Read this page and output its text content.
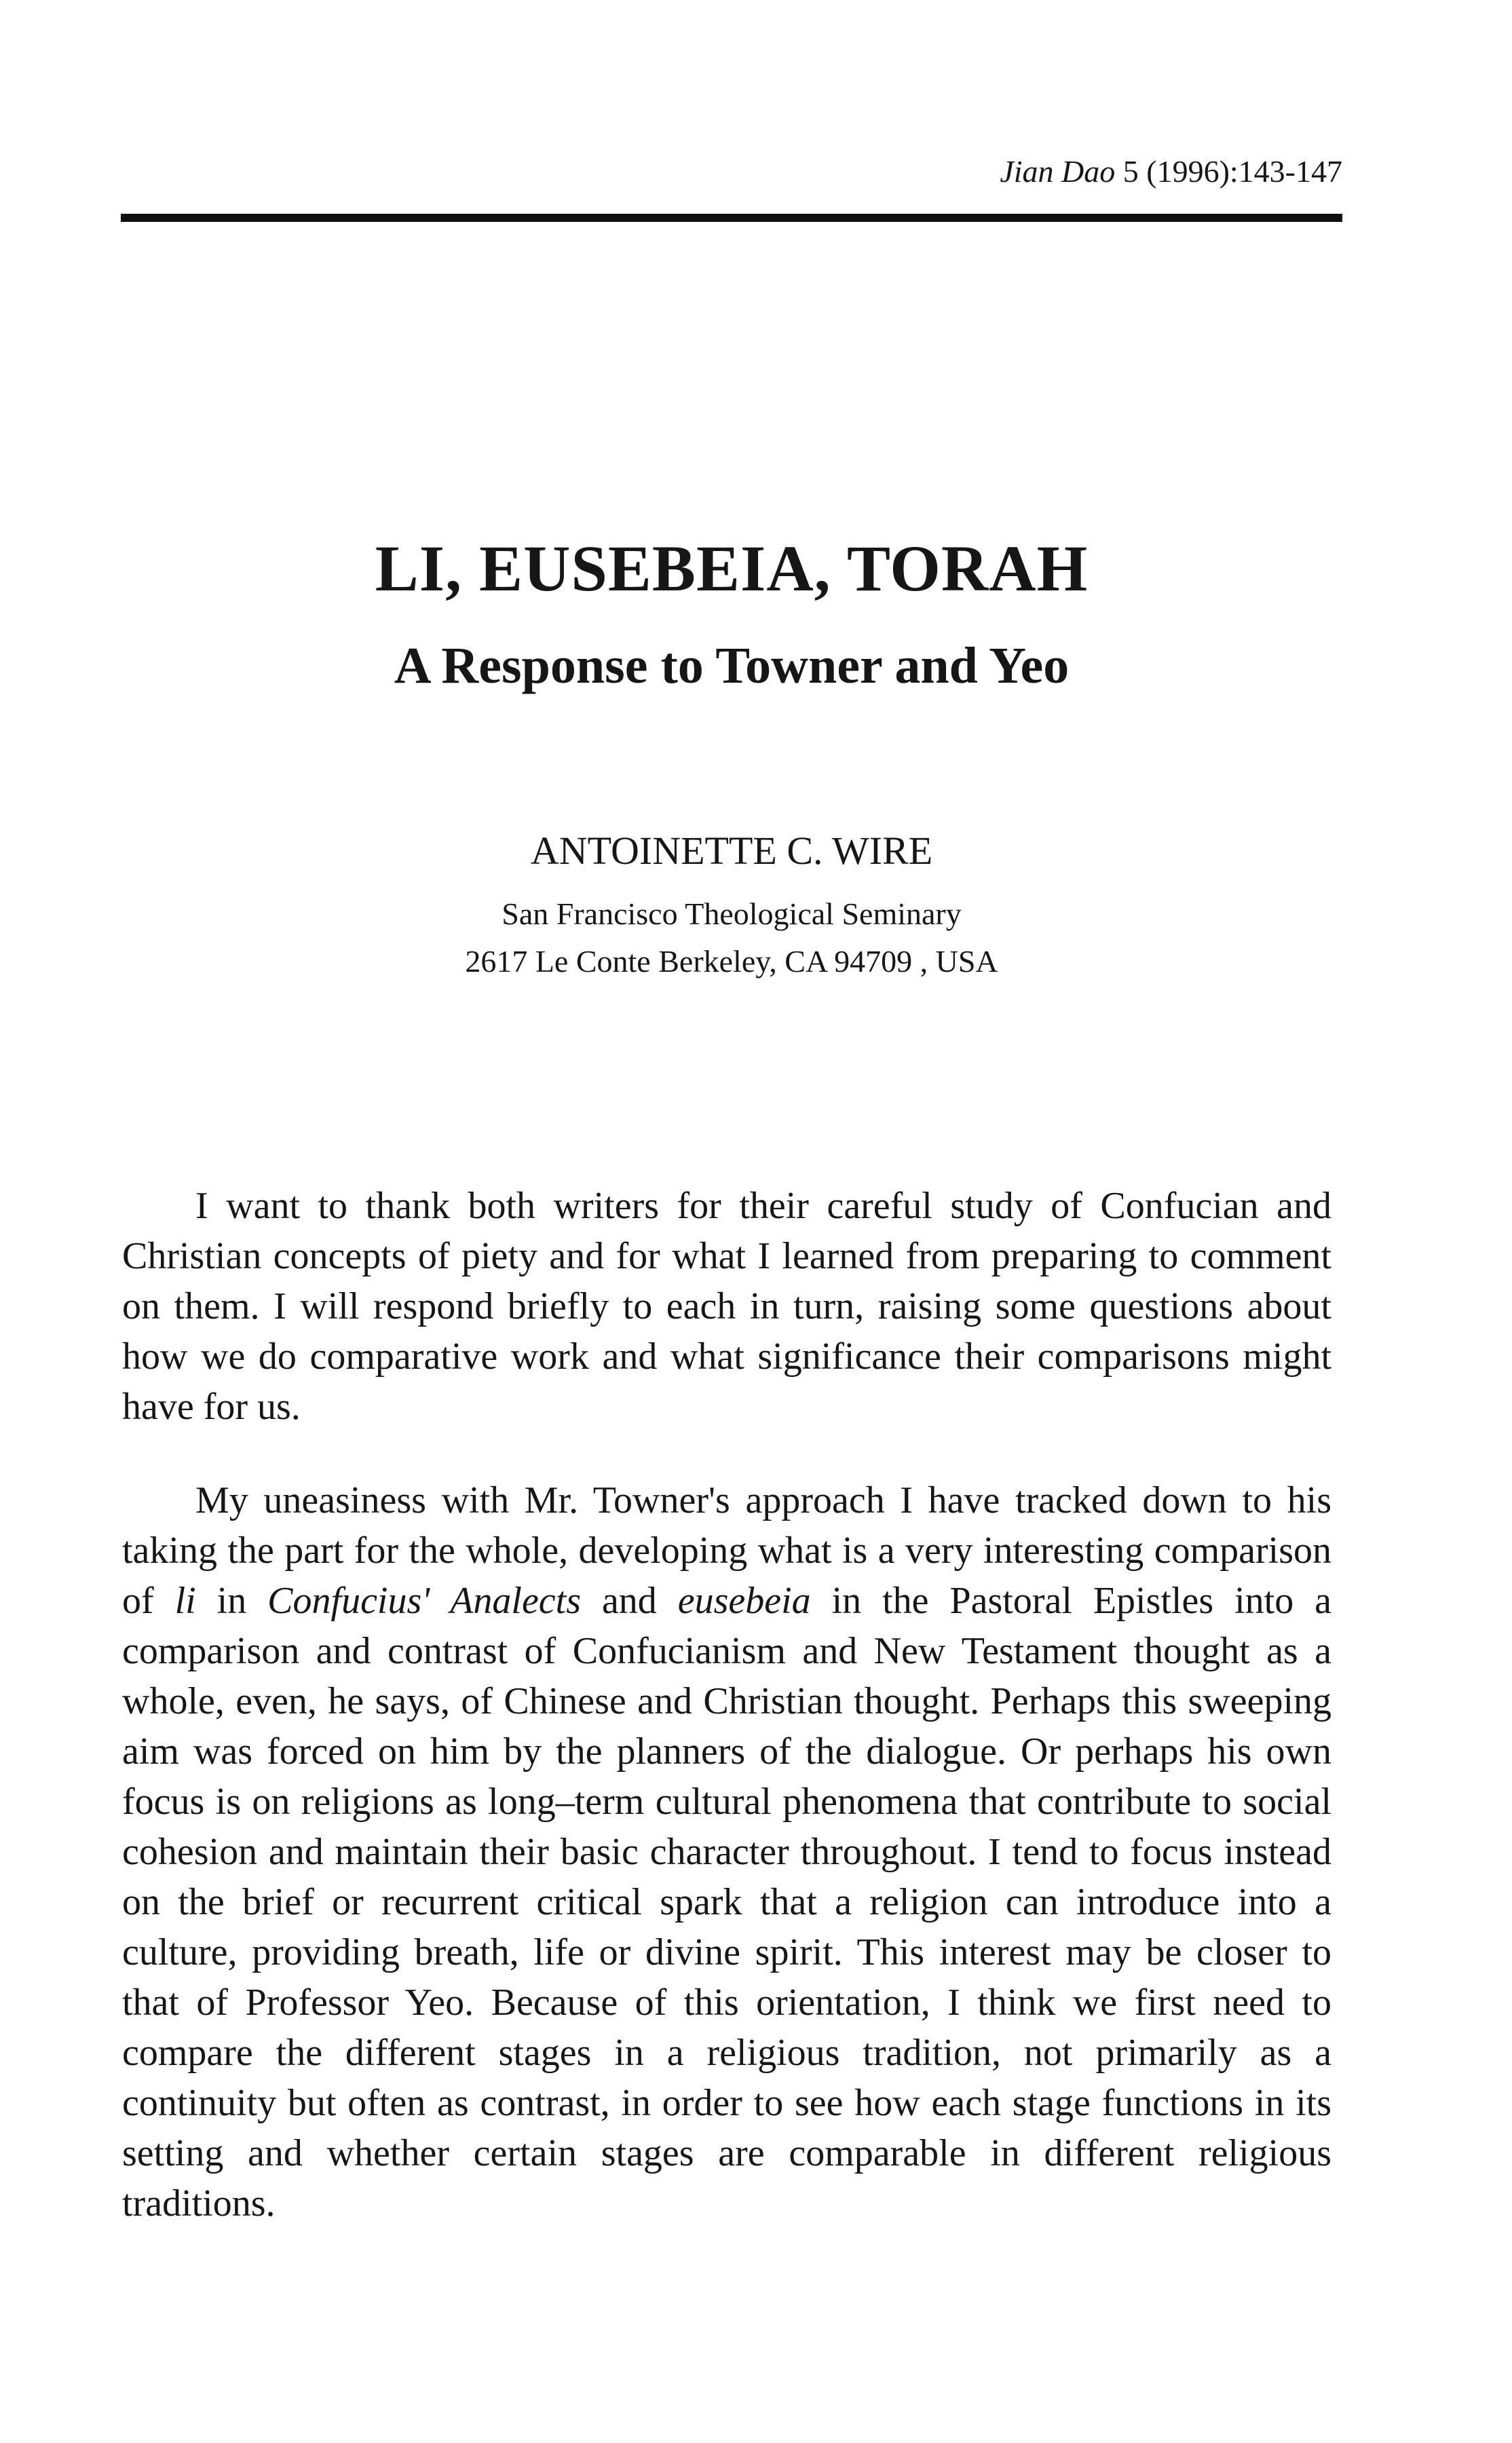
Jian Dao 5 (1996):143-147
LI, EUSEBEIA, TORAH
A Response to Towner and Yeo
ANTOINETTE C. WIRE
San Francisco Theological Seminary
2617 Le Conte Berkeley, CA 94709 , USA

I want to thank both writers for their careful study of Confucian and Christian concepts of piety and for what I learned from preparing to comment on them. I will respond briefly to each in turn, raising some questions about how we do comparative work and what significance their comparisons might have for us.

My uneasiness with Mr. Towner's approach I have tracked down to his taking the part for the whole, developing what is a very interesting comparison of li in Confucius' Analects and eusebeia in the Pastoral Epistles into a comparison and contrast of Confucianism and New Testament thought as a whole, even, he says, of Chinese and Christian thought. Perhaps this sweeping aim was forced on him by the planners of the dialogue. Or perhaps his own focus is on religions as long–term cultural phenomena that contribute to social cohesion and maintain their basic character throughout. I tend to focus instead on the brief or recurrent critical spark that a religion can introduce into a culture, providing breath, life or divine spirit. This interest may be closer to that of Professor Yeo. Because of this orientation, I think we first need to compare the different stages in a religious tradition, not primarily as a continuity but often as contrast, in order to see how each stage functions in its setting and whether certain stages are comparable in different religious traditions.
